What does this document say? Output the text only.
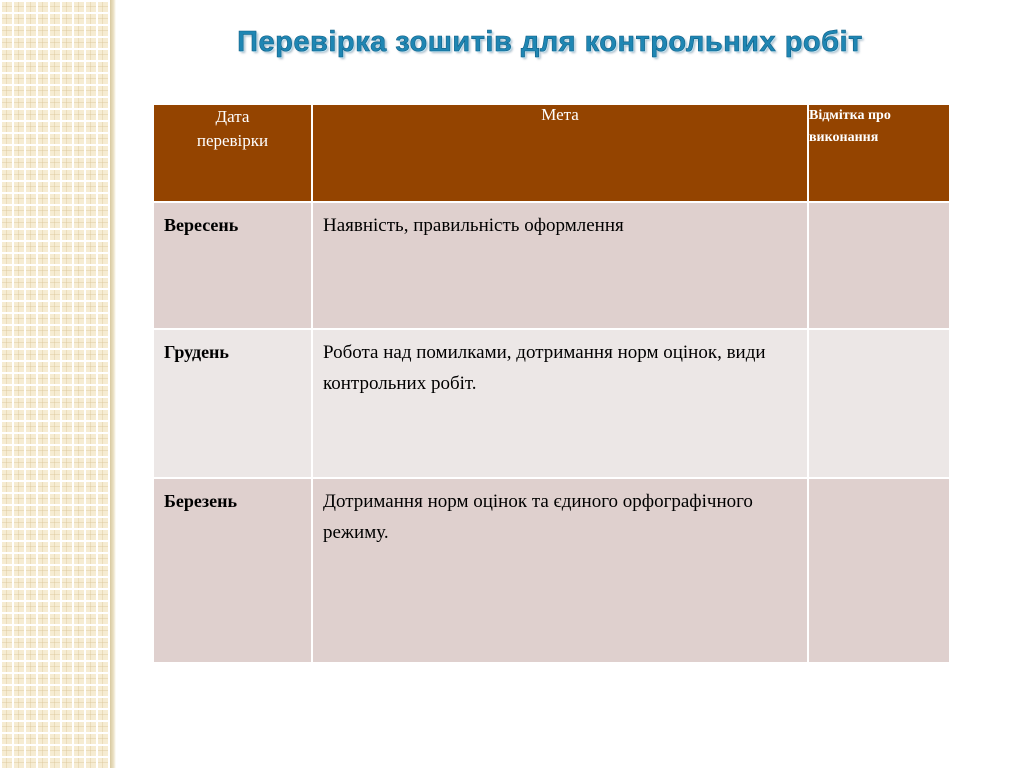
Перевірка зошитів для контрольних робіт
Дата
перевірки	Мета	Відмітка про виконання
Вересень	Наявність, правильність оформлення	
Грудень	Робота над помилками, дотримання норм оцінок, види контрольних робіт.	
Березень	Дотримання норм оцінок та єдиного орфографічного режиму.	
